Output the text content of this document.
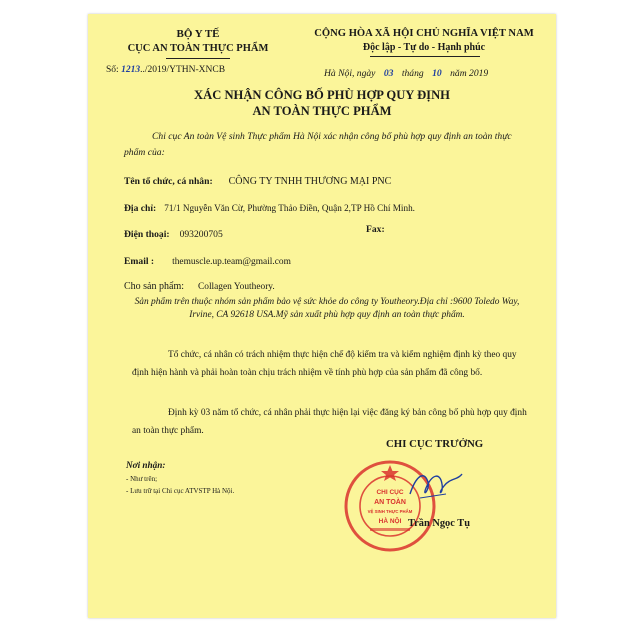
BỘ Y TẾ
CỤC AN TOÀN THỰC PHẨM
Số: 1213../2019/YTHN-XNCB
CỘNG HÒA XÃ HỘI CHỦ NGHĨA VIỆT NAM
Độc lập - Tự do - Hạnh phúc
Hà Nội, ngày 03 tháng 10 năm 2019
XÁC NHẬN CÔNG BỐ PHÙ HỢP QUY ĐỊNH
AN TOÀN THỰC PHẨM
Chi cục An toàn Vệ sinh Thực phẩm Hà Nội xác nhận công bố phù hợp quy định an toàn thực phẩm của:
Tên tổ chức, cá nhân: CÔNG TY TNHH THƯƠNG MẠI PNC
Địa chỉ: 71/1 Nguyễn Văn Cừ, Phường Thảo Điền, Quận 2,TP Hồ Chí Minh.
Điện thoại: 093200705	Fax:
Email : themuscle.up.team@gmail.com
Cho sản phẩm: Collagen Youtheory.
Sản phẩm trên thuộc nhóm sản phẩm bảo vệ sức khỏe do công ty Youtheory.Địa chỉ :9600 Toledo Way, Irvine, CA 92618 USA.Mỹ sản xuất phù hợp quy định an toàn thực phẩm.
Tổ chức, cá nhân có trách nhiệm thực hiện chế độ kiểm tra và kiểm nghiệm định kỳ theo quy định hiện hành và phải hoàn toàn chịu trách nhiệm về tính phù hợp của sản phẩm đã công bố.
Định kỳ 03 năm tổ chức, cá nhân phải thực hiện lại việc đăng ký bản công bố phù hợp quy định an toàn thực phẩm.
Nơi nhận:
- Như trên;
- Lưu trữ tại Chi cục ATVSTP Hà Nội.
CHI CỤC TRƯỞNG
CHI CỤC
AN TOÀN
VỆ SINH THỰC PHẨM
HÀ NỘI Trần Ngọc Tụ
